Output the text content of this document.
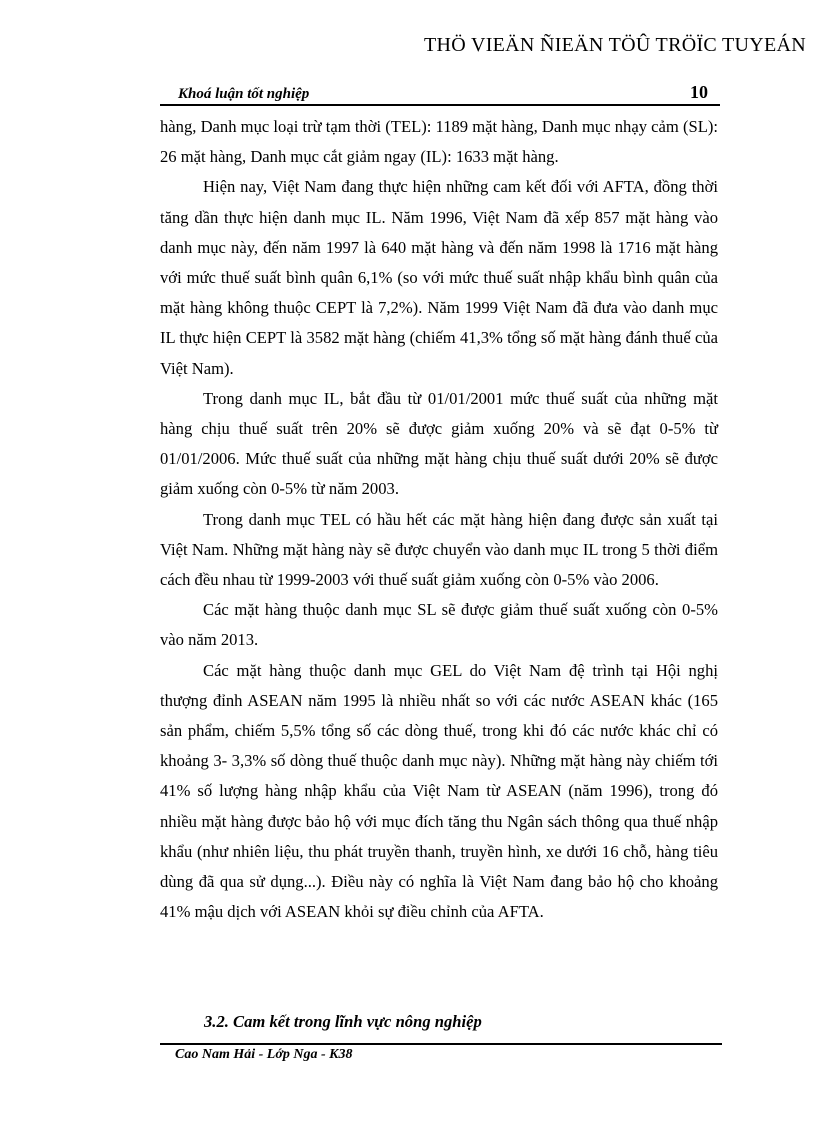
THÖ VIEÄN ÑIEÄN TÖÛ TRÖÏC TUYEÁN
Khoá luận tốt nghiệp	10

hàng, Danh mục loại trừ tạm thời (TEL): 1189 mặt hàng, Danh mục nhạy cảm (SL): 26 mặt hàng, Danh mục cắt giảm ngay (IL): 1633 mặt hàng.

Hiện nay, Việt Nam đang thực hiện những cam kết đối với AFTA, đồng thời tăng dần thực hiện danh mục IL. Năm 1996, Việt Nam đã xếp 857 mặt hàng vào danh mục này, đến năm 1997 là 640 mặt hàng và đến năm 1998 là 1716 mặt hàng với mức thuế suất bình quân 6,1% (so với mức thuế suất nhập khẩu bình quân của mặt hàng không thuộc CEPT là 7,2%). Năm 1999 Việt Nam đã đưa vào danh mục IL thực hiện CEPT là 3582 mặt hàng (chiếm 41,3% tổng số mặt hàng đánh thuế của Việt Nam).

Trong danh mục IL, bắt đầu từ 01/01/2001 mức thuế suất của những mặt hàng chịu thuế suất trên 20% sẽ được giảm xuống 20% và sẽ đạt 0-5% từ 01/01/2006. Mức thuế suất của những mặt hàng chịu thuế suất dưới 20% sẽ được giảm xuống còn 0-5% từ năm 2003.

Trong danh mục TEL có hầu hết các mặt hàng hiện đang được sản xuất tại Việt Nam. Những mặt hàng này sẽ được chuyển vào danh mục IL trong 5 thời điểm cách đều nhau từ 1999-2003 với thuế suất giảm xuống còn 0-5% vào 2006.

Các mặt hàng thuộc danh mục SL sẽ được giảm thuế suất xuống còn 0-5% vào năm 2013.

Các mặt hàng thuộc danh mục GEL do Việt Nam đệ trình tại Hội nghị thượng đỉnh ASEAN năm 1995 là nhiều nhất so với các nước ASEAN khác (165 sản phẩm, chiếm 5,5% tổng số các dòng thuế, trong khi đó các nước khác chỉ có khoảng 3- 3,3% số dòng thuế thuộc danh mục này). Những mặt hàng này chiếm tới 41% số lượng hàng nhập khẩu của Việt Nam từ ASEAN (năm 1996), trong đó nhiều mặt hàng được bảo hộ với mục đích tăng thu Ngân sách thông qua thuế nhập khẩu (như nhiên liệu, thu phát truyền thanh, truyền hình, xe dưới 16 chỗ, hàng tiêu dùng đã qua sử dụng...). Điều này có nghĩa là Việt Nam đang bảo hộ cho khoảng 41% mậu dịch với ASEAN khỏi sự điều chỉnh của AFTA.

3.2. Cam kết trong lĩnh vực nông nghiệp
Cao Nam Hải - Lớp Nga - K38
